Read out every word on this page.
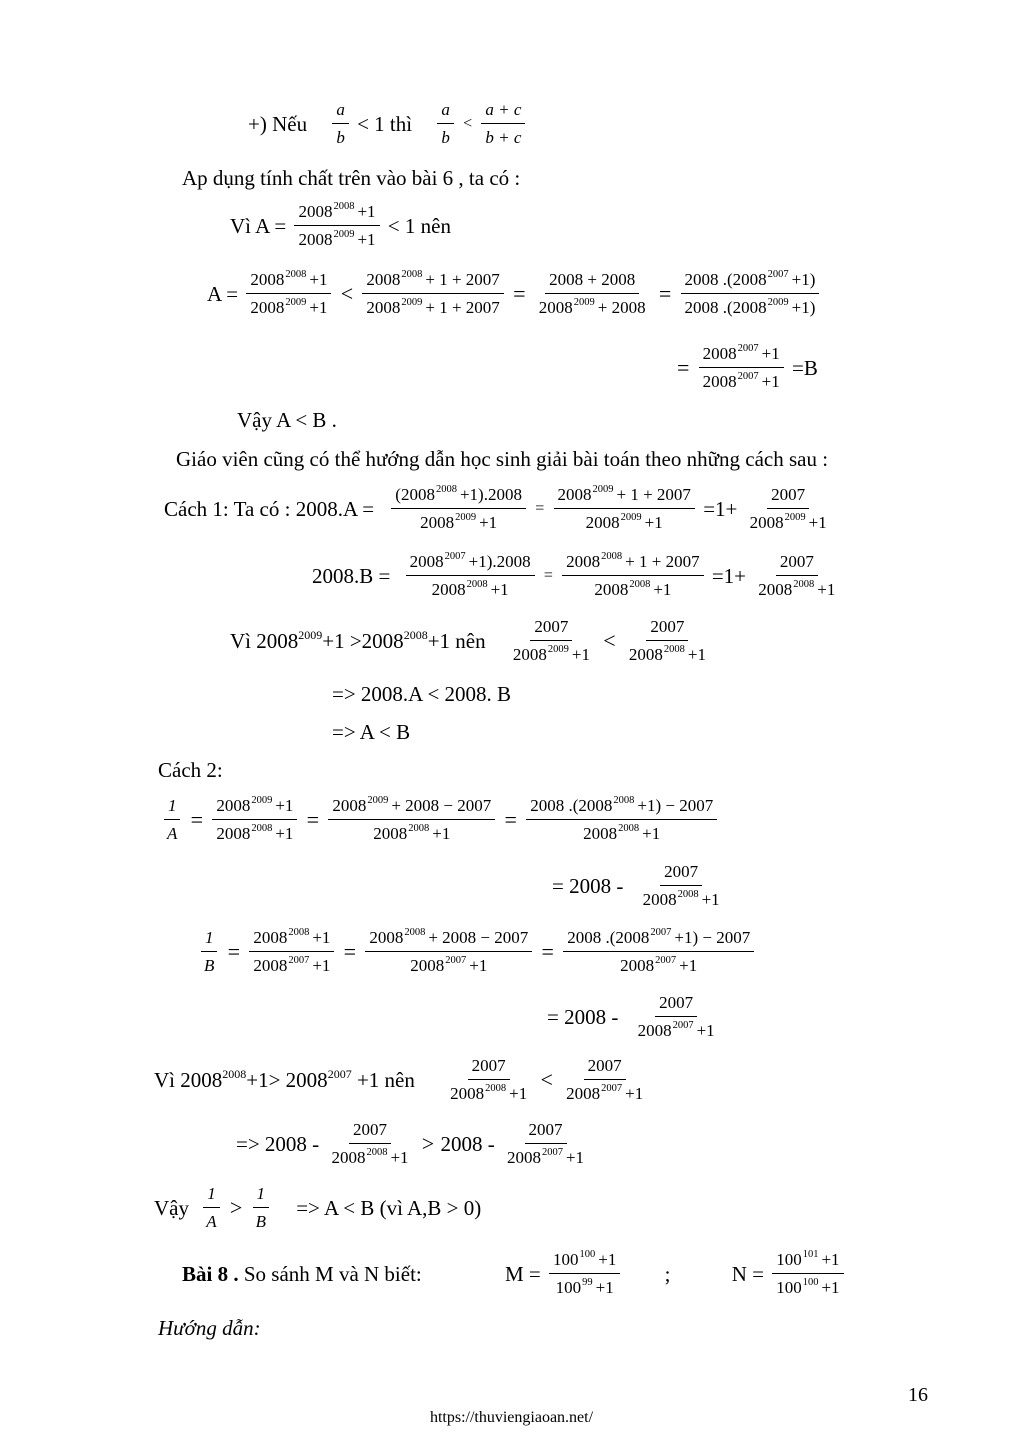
+) Nếu $\frac{a}{b} < 1$ thì $\frac{a}{b} < \frac{a + c}{b + c}$
Ap dụng tính chất trên vào bài 6 , ta có :
Vì $A = \frac{2008^{2008} +1}{2008^{2009} +1} < 1$ nên
$A = \frac{2008^{2008} +1}{2008^{2009} +1} < \frac{2008^{2008} + 1 + 2007}{2008^{2009} + 1 + 2007} = \frac{2008 + 2008}{2008^{2009} + 2008} = \frac{2008 .(2008^{2007} +1)}{2008 .(2008^{2009} +1)}$
= $\frac{2008^{2007} +1}{2008^{2007} +1} =B$
Vậy A < B .
Giáo viên cũng có thể hướng dẫn học sinh giải bài toán theo những cách sau :
Cách 1: Ta có : $2008.A = \frac{(2008^{2008} +1).2008}{2008^{2009} +1} = \frac{2008^{2009} + 1 + 2007}{2008^{2009} +1} =1+ \frac{2007}{2008^{2009} +1}$
$2008.B = \frac{2008^{2007} +1).2008}{2008^{2008} +1} = \frac{2008^{2008} + 1 + 2007}{2008^{2008} +1} =1+ \frac{2007}{2008^{2008} +1}$
Vì $2008^{2009}+1 >2008^{2008}+1$ nên $\frac{2007}{2008^{2009} +1} < \frac{2007}{2008^{2008} +1}$
=> 2008.A < 2008. B
=> A < B
Cách 2:
$\frac{1}{A} = \frac{2008^{2009} +1}{2008^{2008} +1} = \frac{2008^{2009} + 2008 - 2007}{2008^{2008} +1} = \frac{2008 .(2008^{2008} +1) - 2007}{2008^{2008} +1}$
= $2008 - \frac{2007}{2008^{2008} +1}$
$\frac{1}{B} = \frac{2008^{2008} +1}{2008^{2007} +1} = \frac{2008^{2008} + 2008 - 2007}{2008^{2007} +1} = \frac{2008 .(2008^{2007} +1) - 2007}{2008^{2007} +1}$
= $2008 - \frac{2007}{2008^{2007} +1}$
Vì $2008^{2008}+1> 2008^{2007} +1$ nên $\frac{2007}{2008^{2008} +1} < \frac{2007}{2008^{2007} +1}$
=> $2008 - \frac{2007}{2008^{2008} +1} > 2008 - \frac{2007}{2008^{2007} +1}$
Vậy $\frac{1}{A} > \frac{1}{B} => A < B$ (vì A,B > 0)
Bài 8 . So sánh M và N biết:	$M = \frac{100^{100} +1}{100^{99} +1}$ ;	$N = \frac{100^{101} +1}{100^{100} +1}$
Hướng dẫn:
16
https://thuviengiaoan.net/
